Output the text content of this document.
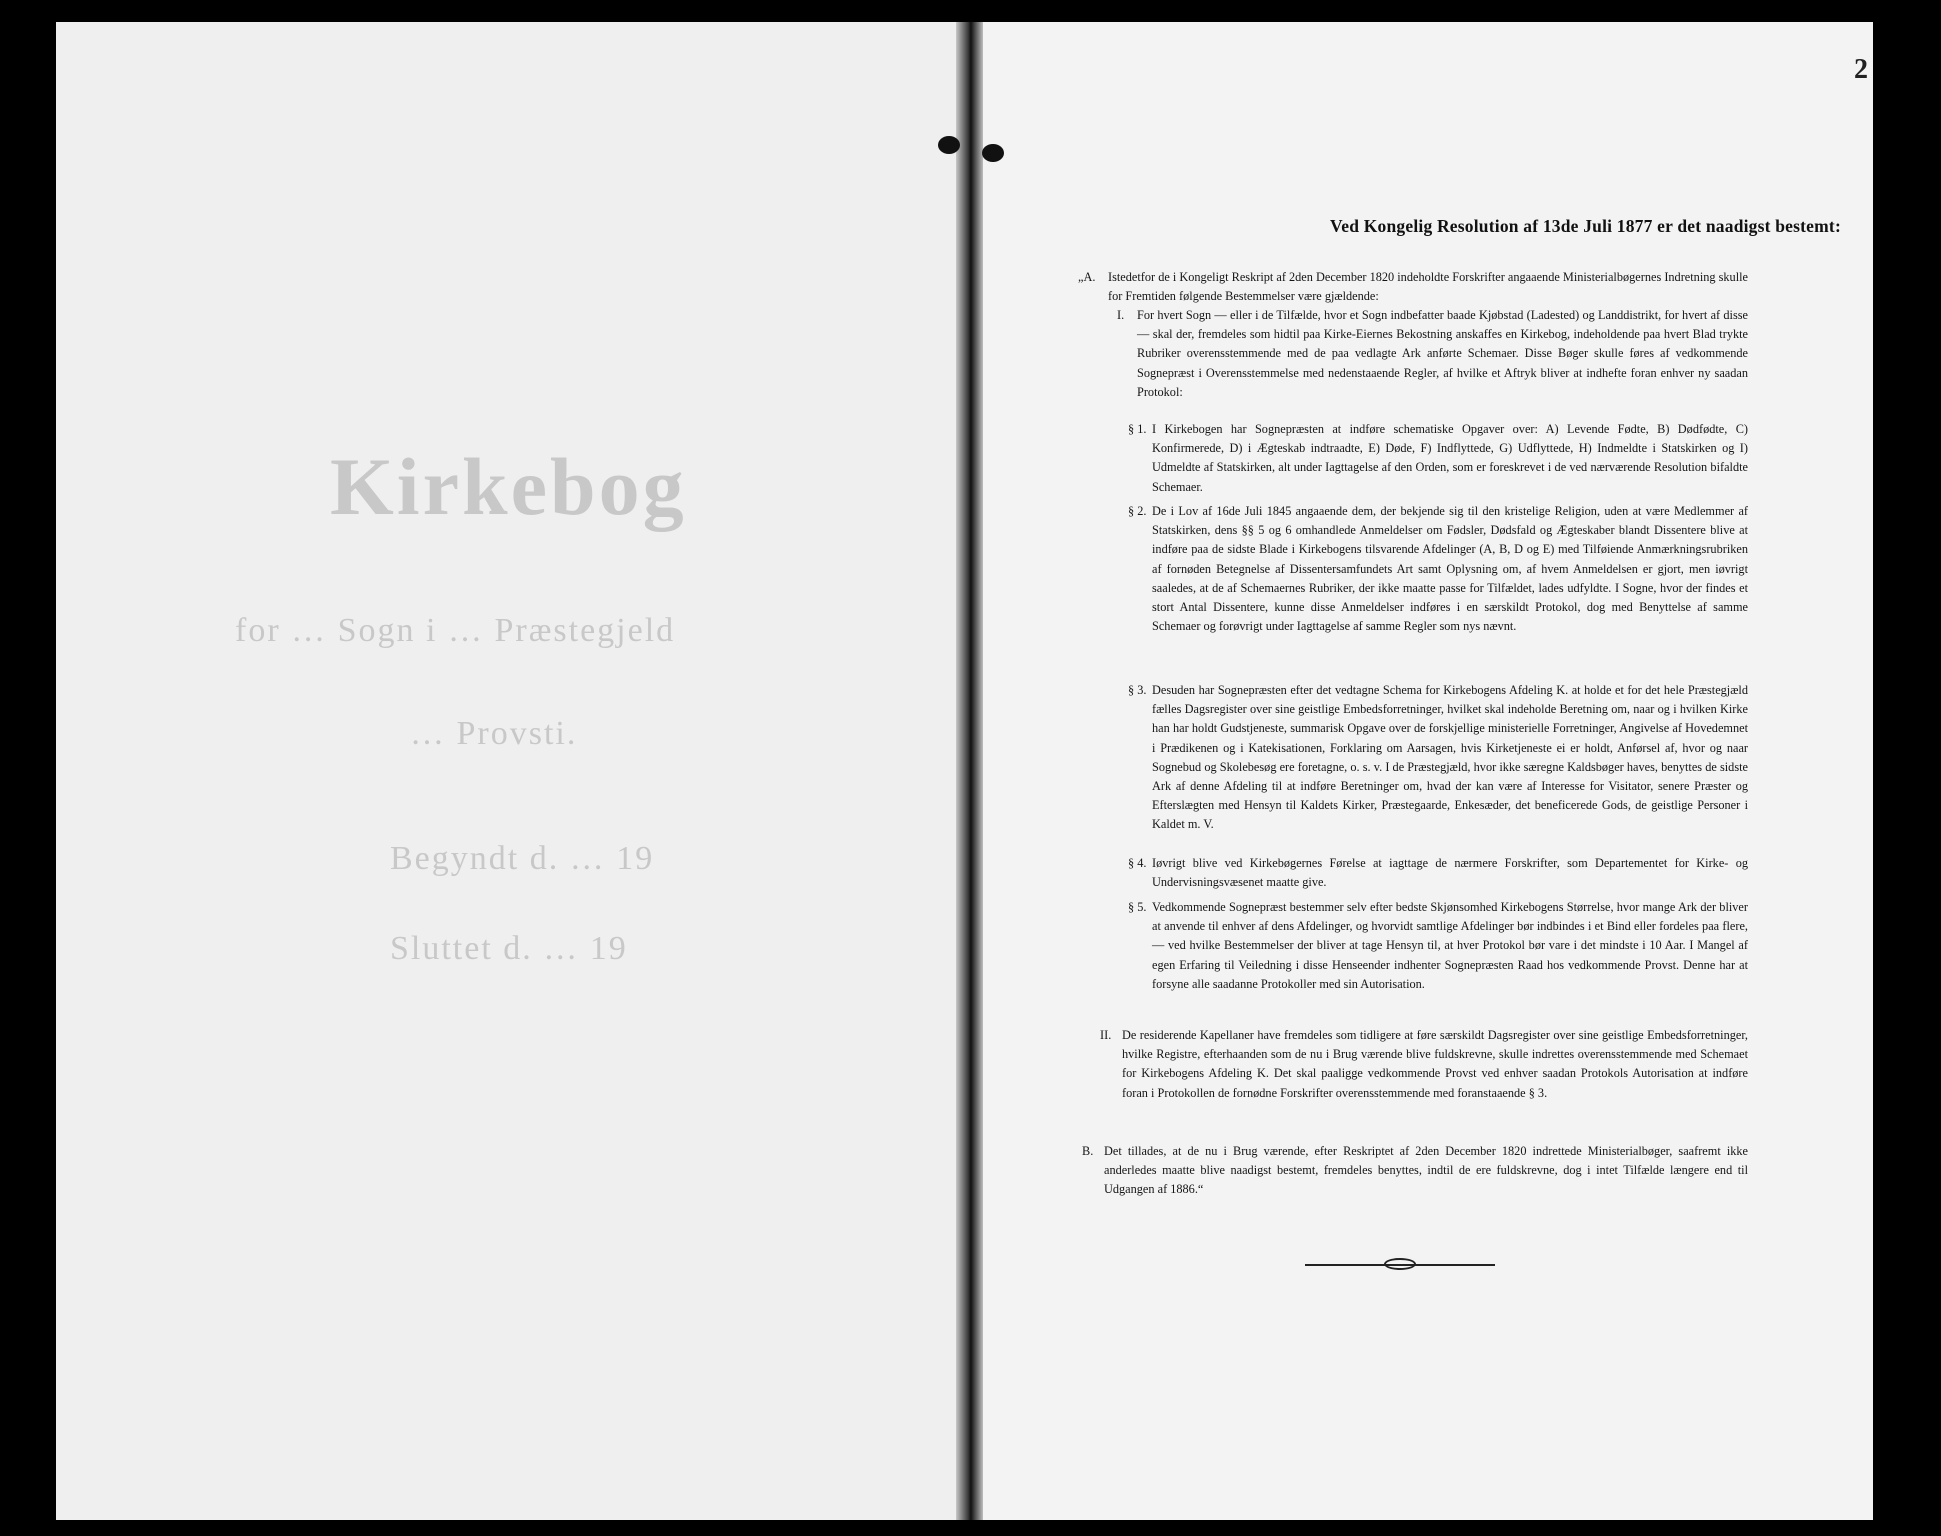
Kirkebog
for … Sogn i … Præstegjeld
… Provsti.
Begyndt d. … 19
Sluttet d. … 19
2
Ved Kongelig Resolution af 13de Juli 1877 er det naadigst bestemt:
„A. Istedetfor de i Kongeligt Reskript af 2den December 1820 indeholdte Forskrifter angaaende Ministerialbøgernes Indretning skulle for Fremtiden følgende Bestemmelser være gjældende:
I. For hvert Sogn — eller i de Tilfælde, hvor et Sogn indbefatter baade Kjøbstad (Ladested) og Landdistrikt, for hvert af disse — skal der, fremdeles som hidtil paa Kirke-Eiernes Bekostning anskaffes en Kirkebog, indeholdende paa hvert Blad trykte Rubriker overensstemmende med de paa vedlagte Ark anførte Schemaer. Disse Bøger skulle føres af vedkommende Sognepræst i Overensstemmelse med nedenstaaende Regler, af hvilke et Aftryk bliver at indhefte foran enhver ny saadan Protokol:
§ 1. I Kirkebogen har Sognepræsten at indføre schematiske Opgaver over: A) Levende Fødte, B) Dødfødte, C) Konfirmerede, D) i Ægteskab indtraadte, E) Døde, F) Indflyttede, G) Udflyttede, H) Indmeldte i Statskirken og I) Udmeldte af Statskirken, alt under Iagttagelse af den Orden, som er foreskrevet i de ved nærværende Resolution bifaldte Schemaer.
§ 2. De i Lov af 16de Juli 1845 angaaende dem, der bekjende sig til den kristelige Religion, uden at være Medlemmer af Statskirken, dens §§ 5 og 6 omhandlede Anmeldelser om Fødsler, Dødsfald og Ægteskaber blandt Dissentere blive at indføre paa de sidste Blade i Kirkebogens tilsvarende Afdelinger (A, B, D og E) med Tilføiende Anmærkningsrubriken af fornøden Betegnelse af Dissentersamfundets Art samt Oplysning om, af hvem Anmeldelsen er gjort, men iøvrigt saaledes, at de af Schemaernes Rubriker, der ikke maatte passe for Tilfældet, lades udfyldte. I Sogne, hvor der findes et stort Antal Dissentere, kunne disse Anmeldelser indføres i en særskildt Protokol, dog med Benyttelse af samme Schemaer og forøvrigt under Iagttagelse af samme Regler som nys nævnt.
§ 3. Desuden har Sognepræsten efter det vedtagne Schema for Kirkebogens Afdeling K. at holde et for det hele Præstegjæld fælles Dagsregister over sine geistlige Embedsforretninger, hvilket skal indeholde Beretning om, naar og i hvilken Kirke han har holdt Gudstjeneste, summarisk Opgave over de forskjellige ministerielle Forretninger, Angivelse af Hovedemnet i Prædikenen og i Katekisationen, Forklaring om Aarsagen, hvis Kirketjeneste ei er holdt, Anførsel af, hvor og naar Sognebud og Skolebesøg ere foretagne, o. s. v. I de Præstegjæld, hvor ikke særegne Kaldsbøger haves, benyttes de sidste Ark af denne Afdeling til at indføre Beretninger om, hvad der kan være af Interesse for Visitator, senere Præster og Efterslægten med Hensyn til Kaldets Kirker, Præstegaarde, Enkesæder, det beneficerede Gods, de geistlige Personer i Kaldet m. V.
§ 4. Iøvrigt blive ved Kirkebøgernes Førelse at iagttage de nærmere Forskrifter, som Departementet for Kirke- og Undervisningsvæsenet maatte give.
§ 5. Vedkommende Sognepræst bestemmer selv efter bedste Skjønsomhed Kirkebogens Størrelse, hvor mange Ark der bliver at anvende til enhver af dens Afdelinger, og hvorvidt samtlige Afdelinger bør indbindes i et Bind eller fordeles paa flere, — ved hvilke Bestemmelser der bliver at tage Hensyn til, at hver Protokol bør vare i det mindste i 10 Aar. I Mangel af egen Erfaring til Veiledning i disse Henseender indhenter Sognepræsten Raad hos vedkommende Provst. Denne har at forsyne alle saadanne Protokoller med sin Autorisation.
II. De residerende Kapellaner have fremdeles som tidligere at føre særskildt Dagsregister over sine geistlige Embedsforretninger, hvilke Registre, efterhaanden som de nu i Brug værende blive fuldskrevne, skulle indrettes overensstemmende med Schemaet for Kirkebogens Afdeling K. Det skal paaligge vedkommende Provst ved enhver saadan Protokols Autorisation at indføre foran i Protokollen de fornødne Forskrifter overensstemmende med foranstaaende § 3.
B. Det tillades, at de nu i Brug værende, efter Reskriptet af 2den December 1820 indrettede Ministerialbøger, saafremt ikke anderledes maatte blive naadigst bestemt, fremdeles benyttes, indtil de ere fuldskrevne, dog i intet Tilfælde længere end til Udgangen af 1886.“
